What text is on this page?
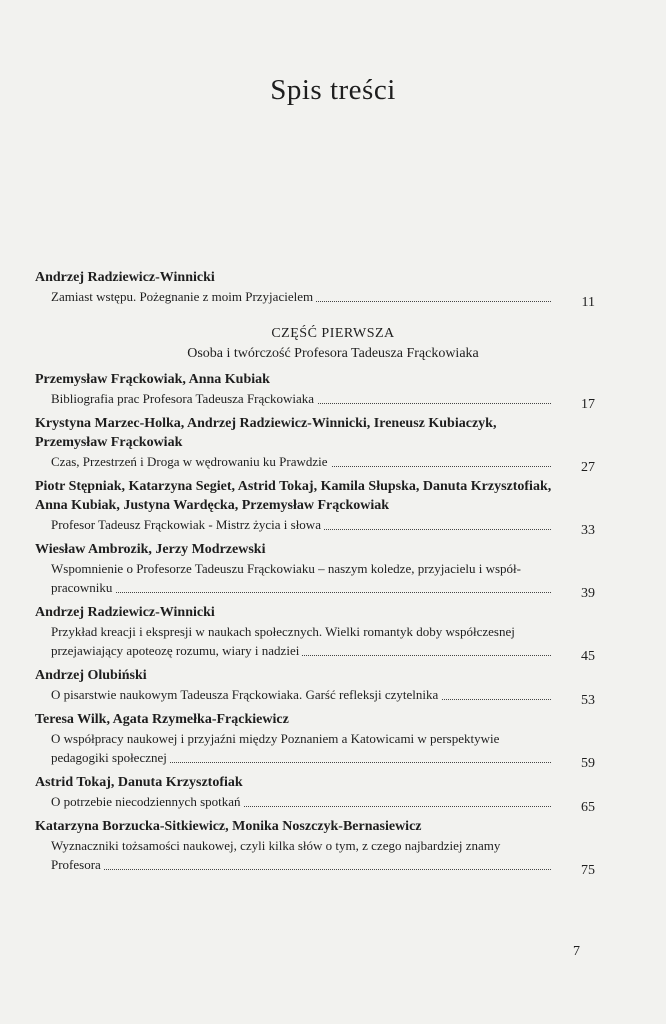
Spis treści
Andrzej Radziewicz-Winnicki
Zamiast wstępu. Pożegnanie z moim Przyjacielem	11
CZĘŚĆ PIERWSZA
Osoba i twórczość Profesora Tadeusza Frąckowiaka
Przemysław Frąckowiak, Anna Kubiak
Bibliografia prac Profesora Tadeusza Frąckowiaka	17
Krystyna Marzec-Holka, Andrzej Radziewicz-Winnicki, Ireneusz Kubiaczyk,
Przemysław Frąckowiak
Czas, Przestrzeń i Droga w wędrowaniu ku Prawdzie	27
Piotr Stępniak, Katarzyna Segiet, Astrid Tokaj, Kamila Słupska, Danuta Krzysztofiak,
Anna Kubiak, Justyna Wardęcka, Przemysław Frąckowiak
Profesor Tadeusz Frąckowiak - Mistrz życia i słowa	33
Wiesław Ambrozik, Jerzy Modrzewski
Wspomnienie o Profesorze Tadeuszu Frąckowiaku – naszym koledze, przyjacielu i współ-
pracowniku	39
Andrzej Radziewicz-Winnicki
Przykład kreacji i ekspresji w naukach społecznych. Wielki romantyk doby współczesnej
przejawiający apoteozę rozumu, wiary i nadziei	45
Andrzej Olubiński
O pisarstwie naukowym Tadeusza Frąckowiaka. Garść refleksji czytelnika	53
Teresa Wilk, Agata Rzymełka-Frąckiewicz
O współpracy naukowej i przyjaźni między Poznaniem a Katowicami w perspektywie
pedagogiki społecznej	59
Astrid Tokaj, Danuta Krzysztofiak
O potrzebie niecodziennych spotkań	65
Katarzyna Borzucka-Sitkiewicz, Monika Noszczyk-Bernasiewicz
Wyznaczniki tożsamości naukowej, czyli kilka słów o tym, z czego najbardziej znamy
Profesora	75
7
